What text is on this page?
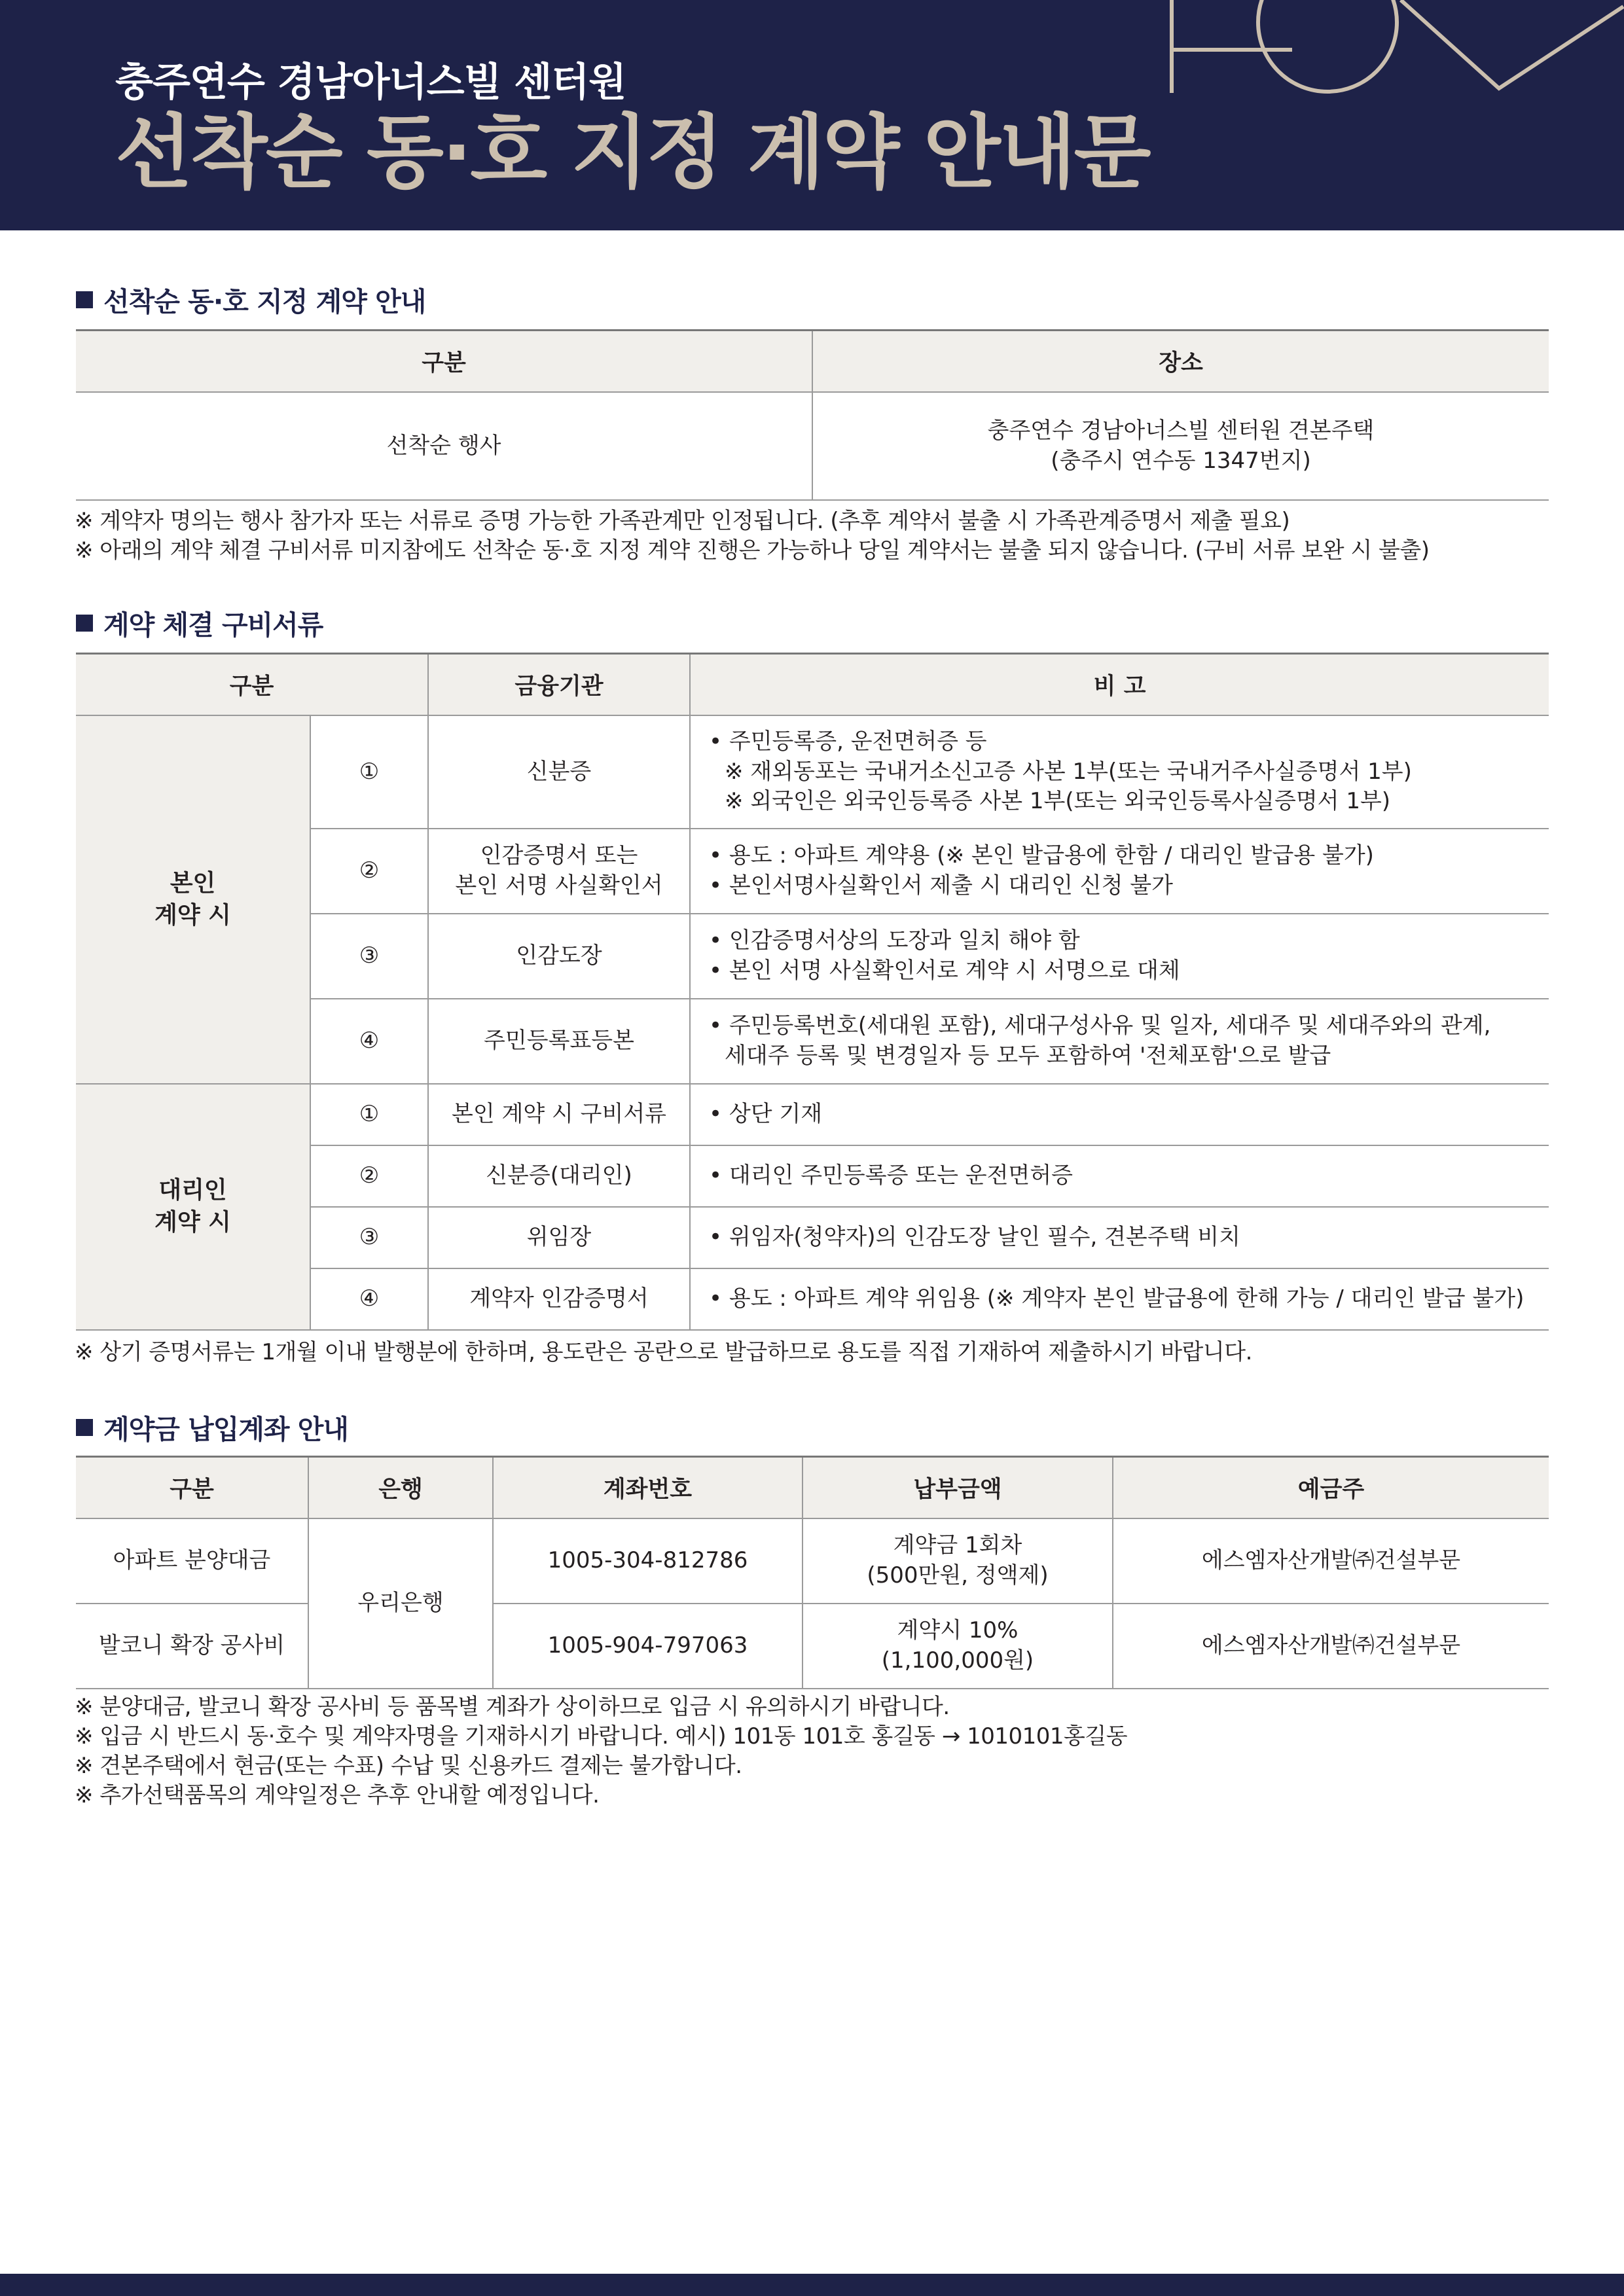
충주연수 경남아너스빌 센터원
선착순 동·호 지정 계약 안내문
선착순 동·호 지정 계약 안내
구분	장소
선착순 행사	충주연수 경남아너스빌 센터원 견본주택
(충주시 연수동 1347번지)
※ 계약자 명의는 행사 참가자 또는 서류로 증명 가능한 가족관계만 인정됩니다. (추후 계약서 불출 시 가족관계증명서 제출 필요)
※ 아래의 계약 체결 구비서류 미지참에도 선착순 동·호 지정 계약 진행은 가능하나 당일 계약서는 불출 되지 않습니다. (구비 서류 보완 시 불출)
계약 체결 구비서류
구분		금융기관	비 고

본인
계약 시	①	신분증	• 주민등록증, 운전면허증 등
※ 재외동포는 국내거소신고증 사본 1부(또는 국내거주사실증명서 1부)
※ 외국인은 외국인등록증 사본 1부(또는 외국인등록사실증명서 1부)

	②	인감증명서 또는
본인 서명 사실확인서	• 용도 : 아파트 계약용 (※ 본인 발급용에 한함 / 대리인 발급용 불가)
• 본인서명사실확인서 제출 시 대리인 신청 불가

	③	인감도장	• 인감증명서상의 도장과 일치 해야 함
• 본인 서명 사실확인서로 계약 시 서명으로 대체

	④	주민등록표등본	• 주민등록번호(세대원 포함), 세대구성사유 및 일자, 세대주 및 세대주와의 관계,
세대주 등록 및 변경일자 등 모두 포함하여 '전체포함'으로 발급

대리인
계약 시	①	본인 계약 시 구비서류	• 상단 기재
	②	신분증(대리인)	• 대리인 주민등록증 또는 운전면허증
	③	위임장	• 위임자(청약자)의 인감도장 날인 필수, 견본주택 비치
	④	계약자 인감증명서	• 용도 : 아파트 계약 위임용 (※ 계약자 본인 발급용에 한해 가능 / 대리인 발급 불가)
※ 상기 증명서류는 1개월 이내 발행분에 한하며, 용도란은 공란으로 발급하므로 용도를 직접 기재하여 제출하시기 바랍니다.
계약금 납입계좌 안내
구분	은행	계좌번호	납부금액	예금주
아파트 분양대금	우리은행	1005-304-812786	계약금 1회차
(500만원, 정액제)	에스엠자산개발㈜건설부문
발코니 확장 공사비		1005-904-797063	계약시 10%
(1,100,000원)	에스엠자산개발㈜건설부문
※ 분양대금, 발코니 확장 공사비 등 품목별 계좌가 상이하므로 입금 시 유의하시기 바랍니다.
※ 입금 시 반드시 동·호수 및 계약자명을 기재하시기 바랍니다. 예시) 101동 101호 홍길동 → 1010101홍길동
※ 견본주택에서 현금(또는 수표) 수납 및 신용카드 결제는 불가합니다.
※ 추가선택품목의 계약일정은 추후 안내할 예정입니다.
